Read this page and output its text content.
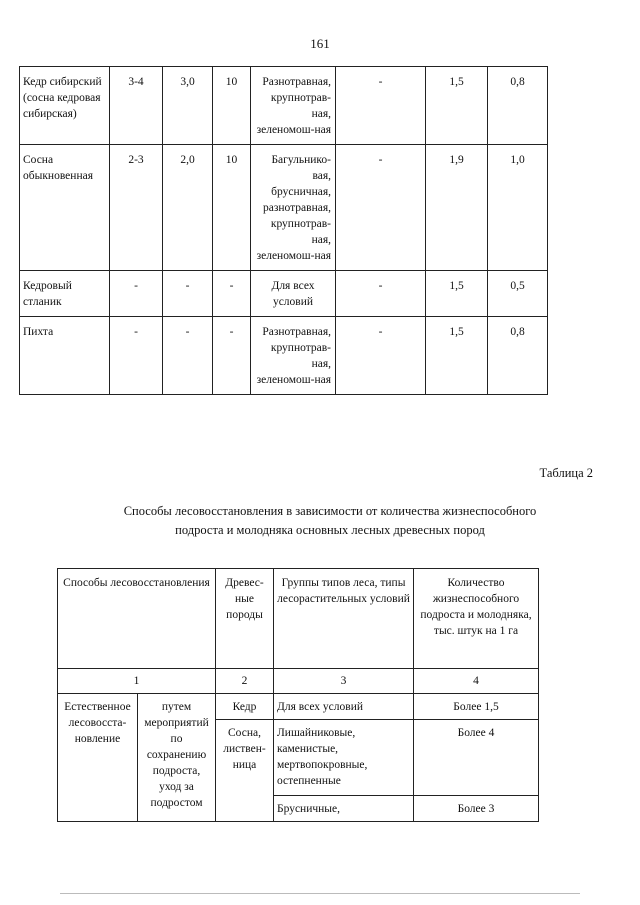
161
Кедр сибирский (сосна кедровая сибирская)	3-4	3,0	10	Разнотравная, крупнотрав-ная, зеленомош-ная	-	1,5	0,8
Сосна обыкновенная	2-3	2,0	10	Багульнико-вая, брусничная, разнотравная, крупнотрав-ная, зеленомош-ная	-	1,9	1,0
Кедровый стланик	-	-	-	Для всех условий	-	1,5	0,5
Пихта	-	-	-	Разнотравная, крупнотрав-ная, зеленомош-ная	-	1,5	0,8
Таблица 2
Способы лесовосстановления в зависимости от количества жизнеспособного подроста и молодняка основных лесных древесных пород
Способы лесовосстановления		Древес-ные породы	Группы типов леса, типы лесорастительных условий	Количество жизнеспособного подроста и молодняка, тыс. штук на 1 га
1		2	3	4
Естественное лесовосста-новление	путем мероприятий по сохранению подроста, уход за подростом	Кедр	Для всех условий	Более 1,5
		Сосна, листвен-ница	Лишайниковые, каменистые, мертвопокровные, остепненные	Более 4
			Брусничные,	Более 3
